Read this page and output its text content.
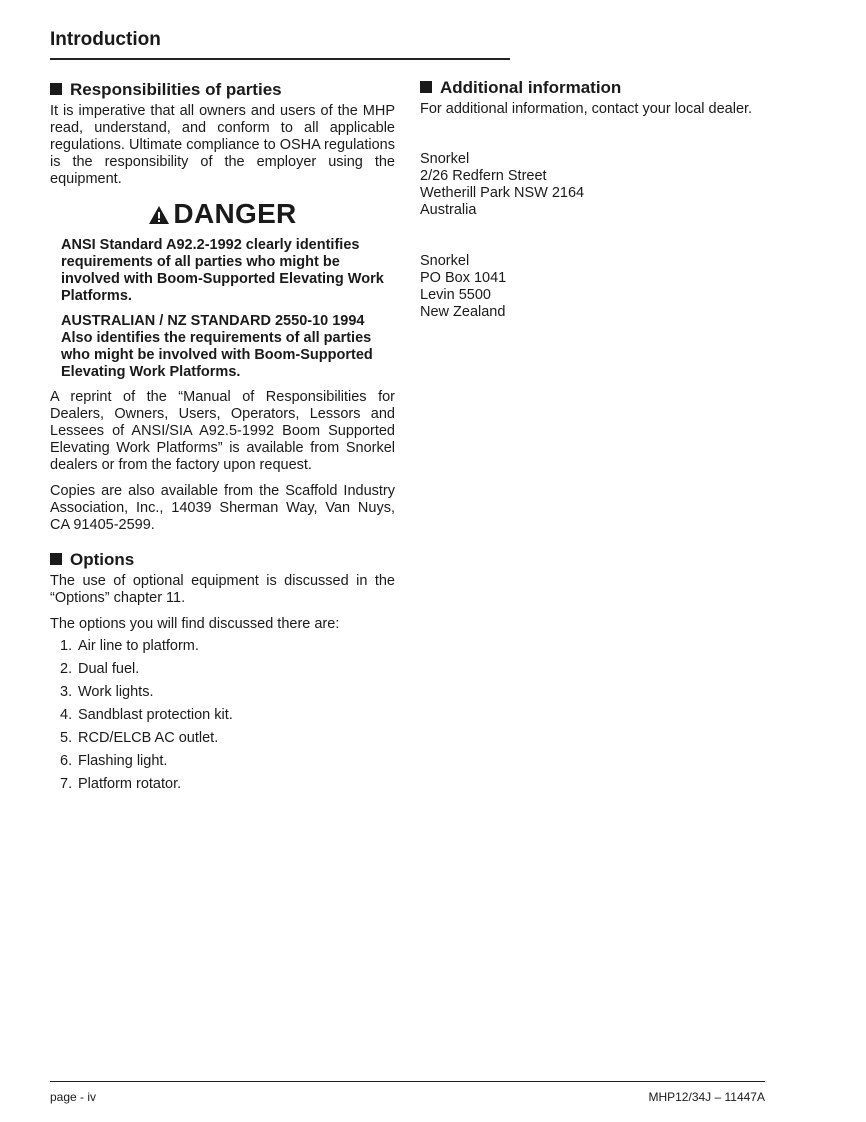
Introduction
Responsibilities of parties

It is imperative that all owners and users of the MHP read, understand, and conform to all applicable regulations. Ultimate compliance to OSHA regulations is the responsibility of the employer using the equipment.

DANGER

ANSI Standard A92.2-1992 clearly identifies requirements of all parties who might be involved with Boom-Supported Elevating Work Platforms.

AUSTRALIAN / NZ STANDARD 2550-10 1994 Also identifies the requirements of all parties who might be involved with Boom-Supported Elevating Work Platforms.

A reprint of the “Manual of Responsibilities for Dealers, Owners, Users, Operators, Lessors and Lessees of ANSI/SIA A92.5-1992 Boom Supported Elevating Work Platforms” is available from Snorkel dealers or from the factory upon request.

Copies are also available from the Scaffold Industry Association, Inc., 14039 Sherman Way, Van Nuys, CA 91405-2599.

Options

The use of optional equipment is discussed in the “Options” chapter 11.

The options you will find discussed there are:

1. Air line to platform.
2. Dual fuel.
3. Work lights.
4. Sandblast protection kit.
5. RCD/ELCB AC outlet.
6. Flashing light.
7. Platform rotator.
Additional information

For additional information, contact your local dealer.

Snorkel

2/26 Redfern Street

Wetherill Park NSW 2164

Australia

Snorkel

PO Box 1041

Levin 5500

New Zealand

page - iv	MHP12/34J – 11447A
